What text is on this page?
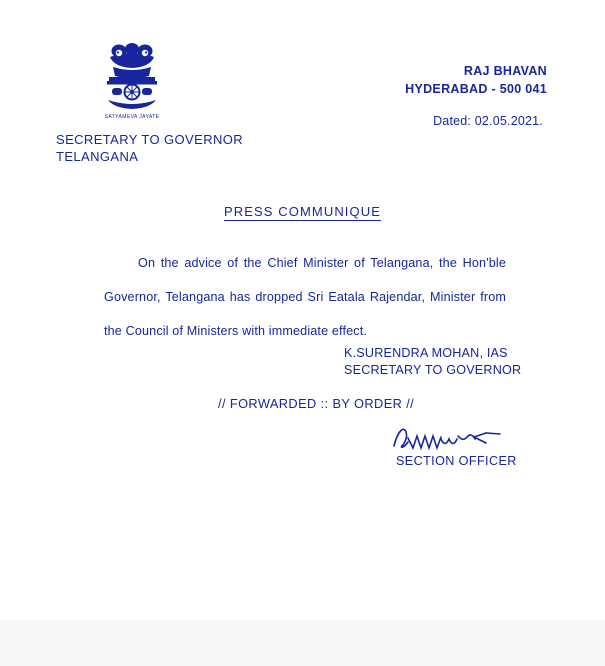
SATYAMEVA JAYATE
RAJ BHAVAN
HYDERABAD - 500 041
Dated: 02.05.2021.
SECRETARY TO GOVERNOR
TELANGANA
PRESS COMMUNIQUE
On the advice of the Chief Minister of Telangana, the Hon'ble Governor, Telangana has dropped Sri Eatala Rajendar, Minister from the Council of Ministers with immediate effect.
K.SURENDRA MOHAN, IAS
SECRETARY TO GOVERNOR
// FORWARDED :: BY ORDER //
SECTION OFFICER
